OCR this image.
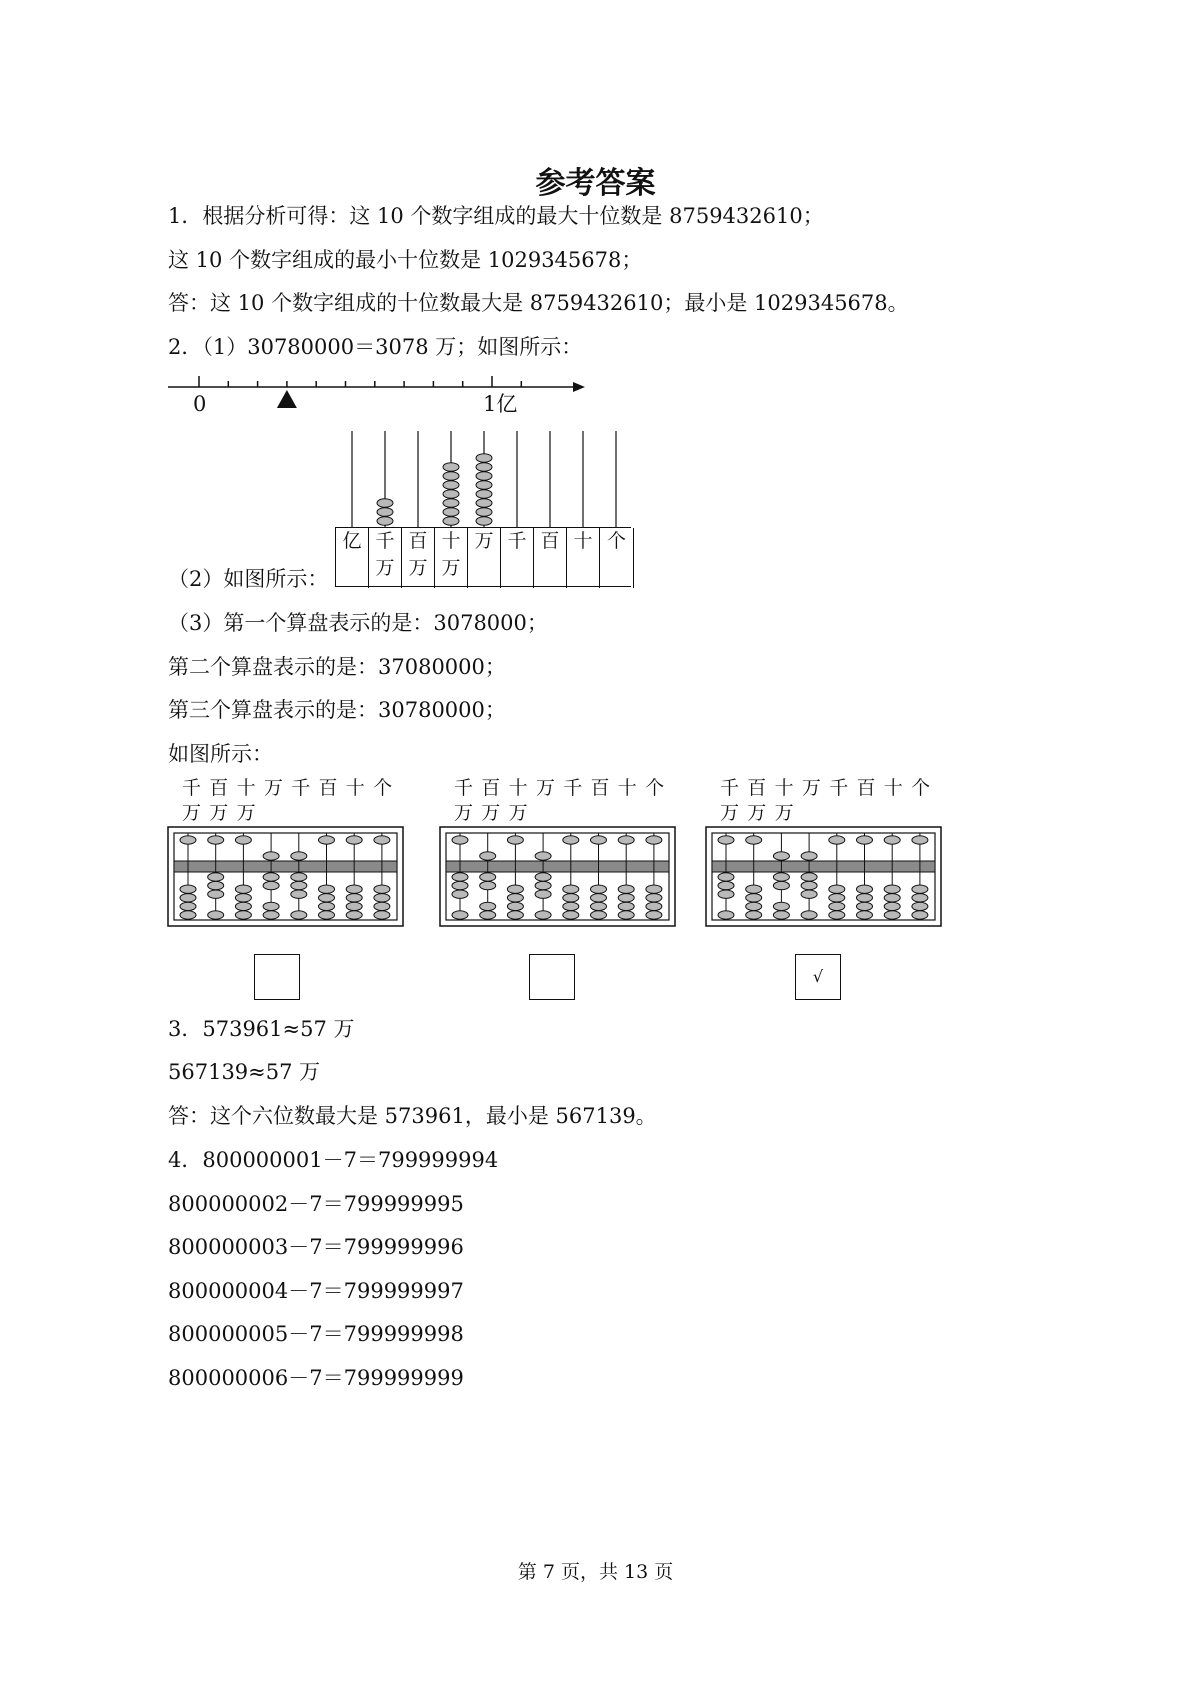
参考答案
1．根据分析可得：这 10 个数字组成的最大十位数是 8759432610；
这 10 个数字组成的最小十位数是 1029345678；
答：这 10 个数字组成的十位数最大是 8759432610；最小是 1029345678。
2．（1）30780000＝3078 万；如图所示：
0	1亿
亿 千
万
百
万
十
万
万 千 百 十 个
（2）如图所示：
（3）第一个算盘表示的是：3078000；
第二个算盘表示的是：37080000；
第三个算盘表示的是：30780000；
如图所示：
千 百 十 万 千 百 十 个
万 万 万
千 百 十 万 千 百 十 个
万 万 万
千 百 十 万 千 百 十 个
万 万 万
√
3．573961≈57 万
567139≈57 万
答：这个六位数最大是 573961，最小是 567139。
4．800000001－7＝799999994
800000002－7＝799999995
800000003－7＝799999996
800000004－7＝799999997
800000005－7＝799999998
800000006－7＝799999999
第 7 页，共 13 页
